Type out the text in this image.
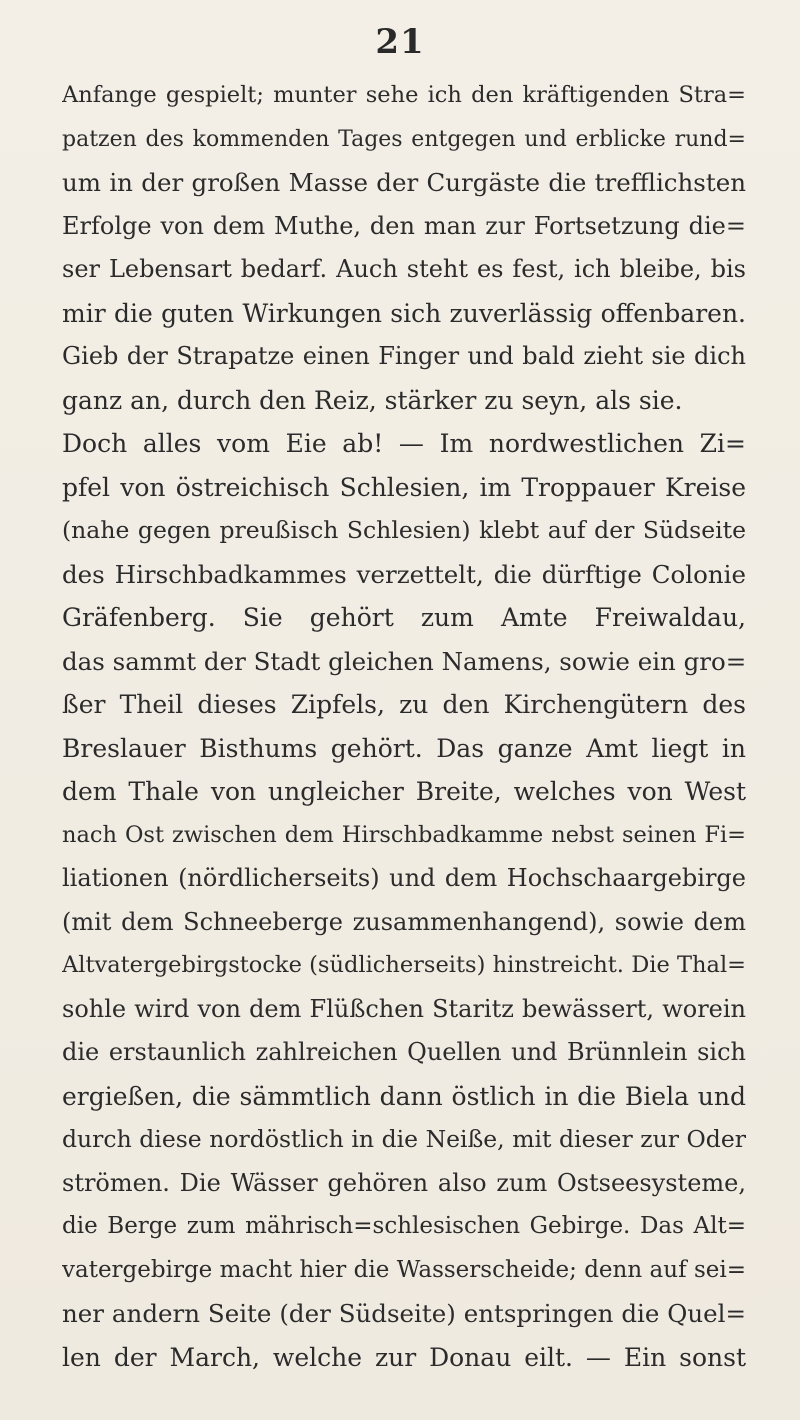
21
Anfange gespielt; munter sehe ich den kräftigenden Stra=
patzen des kommenden Tages entgegen und erblicke rund=
um in der großen Masse der Curgäste die trefflichsten
Erfolge von dem Muthe, den man zur Fortsetzung die=
ser Lebensart bedarf. Auch steht es fest, ich bleibe, bis
mir die guten Wirkungen sich zuverlässig offenbaren.
Gieb der Strapatze einen Finger und bald zieht sie dich
ganz an, durch den Reiz, stärker zu seyn, als sie.
Doch alles vom Eie ab! — Im nordwestlichen Zi=
pfel von östreichisch Schlesien, im Troppauer Kreise
(nahe gegen preußisch Schlesien) klebt auf der Südseite
des Hirschbadkammes verzettelt, die dürftige Colonie
Gräfenberg. Sie gehört zum Amte Freiwaldau,
das sammt der Stadt gleichen Namens, sowie ein gro=
ßer Theil dieses Zipfels, zu den Kirchengütern des
Breslauer Bisthums gehört. Das ganze Amt liegt in
dem Thale von ungleicher Breite, welches von West
nach Ost zwischen dem Hirschbadkamme nebst seinen Fi=
liationen (nördlicherseits) und dem Hochschaargebirge
(mit dem Schneeberge zusammenhangend), sowie dem
Altvatergebirgstocke (südlicherseits) hinstreicht. Die Thal=
sohle wird von dem Flüßchen Staritz bewässert, worein
die erstaunlich zahlreichen Quellen und Brünnlein sich
ergießen, die sämmtlich dann östlich in die Biela und
durch diese nordöstlich in die Neiße, mit dieser zur Oder
strömen. Die Wässer gehören also zum Ostseesysteme,
die Berge zum mährisch=schlesischen Gebirge. Das Alt=
vatergebirge macht hier die Wasserscheide; denn auf sei=
ner andern Seite (der Südseite) entspringen die Quel=
len der March, welche zur Donau eilt. — Ein sonst
